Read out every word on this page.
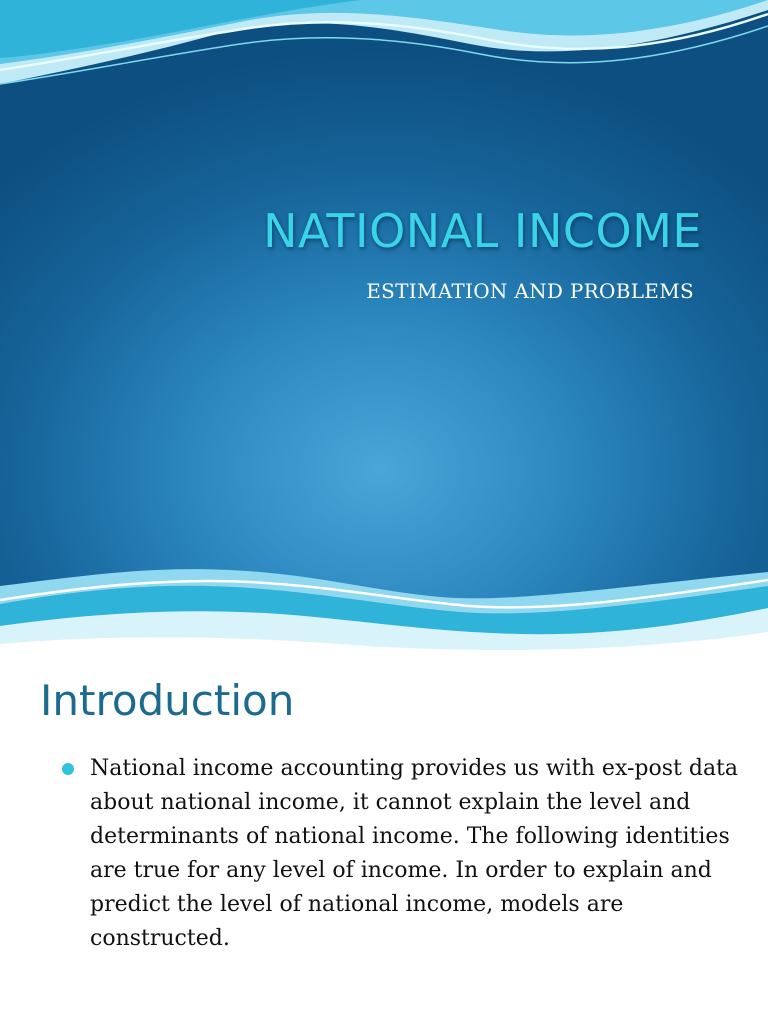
NATIONAL INCOME
ESTIMATION AND PROBLEMS
Introduction
National income accounting provides us with ex-post data about national income, it cannot explain the level and determinants of national income. The following identities are true for any level of income. In order to explain and predict the level of national income, models are constructed.
